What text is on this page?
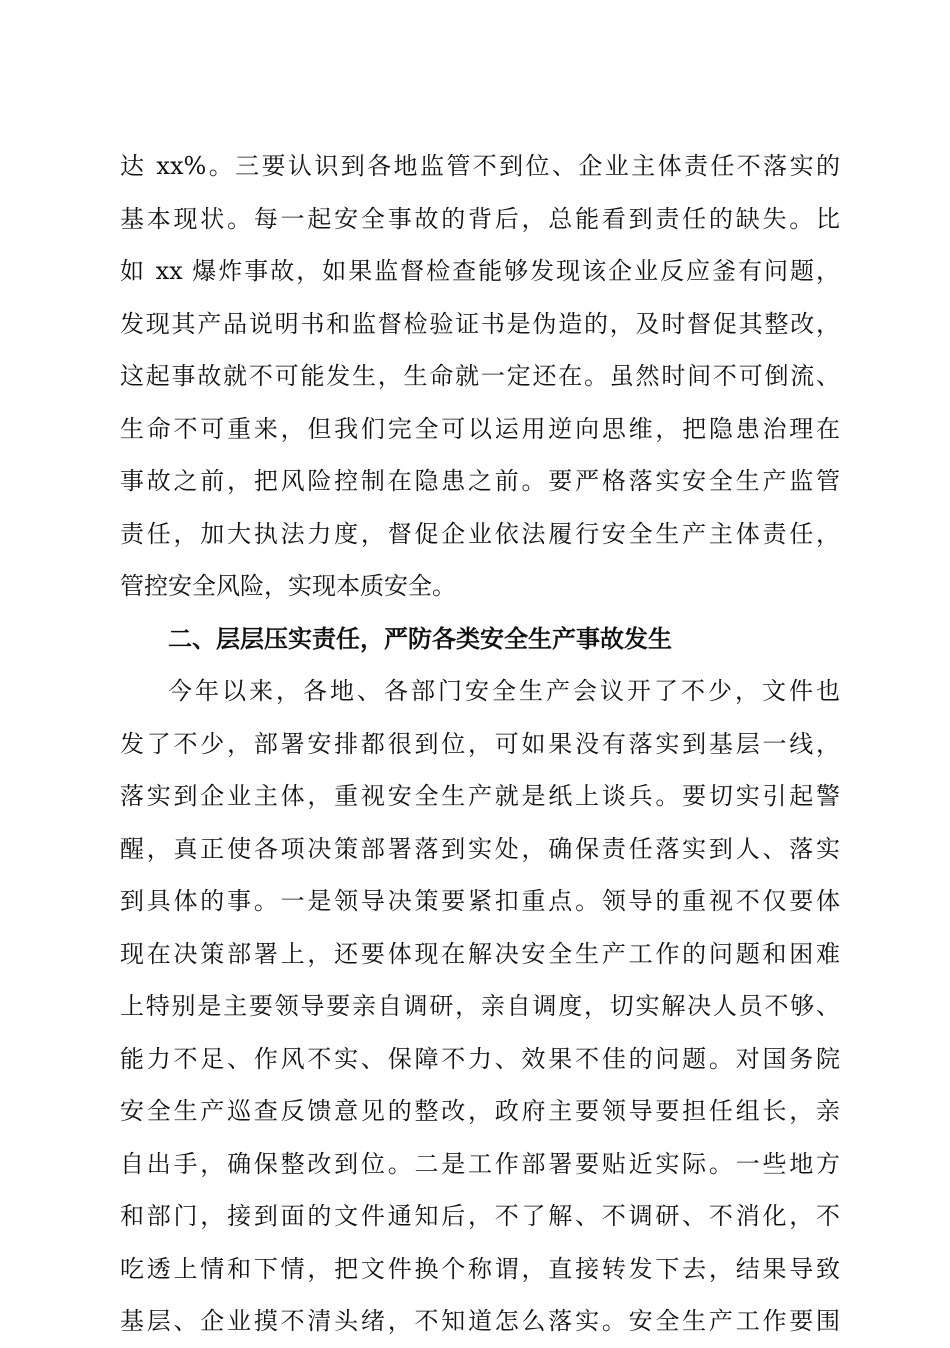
达 xx%。三要认识到各地监管不到位、企业主体责任不落实的
基本现状。每一起安全事故的背后，总能看到责任的缺失。比
如 xx 爆炸事故，如果监督检查能够发现该企业反应釜有问题，
发现其产品说明书和监督检验证书是伪造的，及时督促其整改，
这起事故就不可能发生，生命就一定还在。虽然时间不可倒流、
生命不可重来，但我们完全可以运用逆向思维，把隐患治理在
事故之前，把风险控制在隐患之前。要严格落实安全生产监管
责任，加大执法力度，督促企业依法履行安全生产主体责任，
管控安全风险，实现本质安全。
二、层层压实责任，严防各类安全生产事故发生
今年以来，各地、各部门安全生产会议开了不少，文件也
发了不少，部署安排都很到位，可如果没有落实到基层一线，
落实到企业主体，重视安全生产就是纸上谈兵。要切实引起警
醒，真正使各项决策部署落到实处，确保责任落实到人、落实
到具体的事。一是领导决策要紧扣重点。领导的重视不仅要体
现在决策部署上，还要体现在解决安全生产工作的问题和困难
上特别是主要领导要亲自调研，亲自调度，切实解决人员不够、
能力不足、作风不实、保障不力、效果不佳的问题。对国务院
安全生产巡查反馈意见的整改，政府主要领导要担任组长，亲
自出手，确保整改到位。二是工作部署要贴近实际。一些地方
和部门，接到面的文件通知后，不了解、不调研、不消化，不
吃透上情和下情，把文件换个称谓，直接转发下去，结果导致
基层、企业摸不清头绪，不知道怎么落实。安全生产工作要围
